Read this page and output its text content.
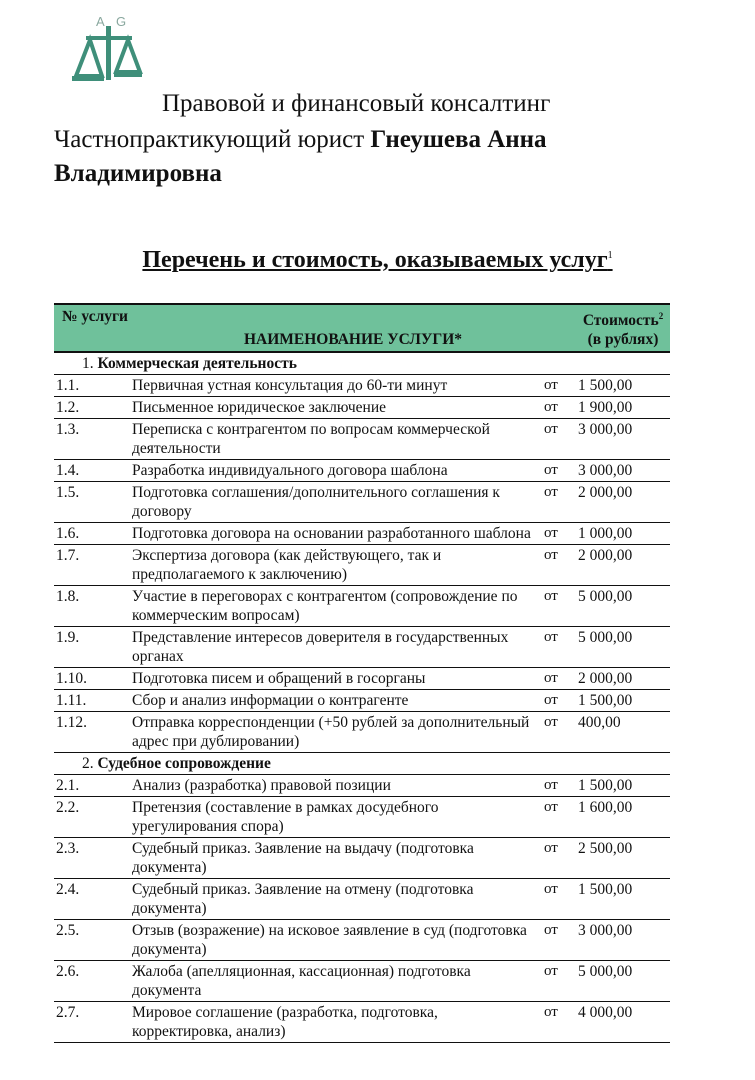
A G
Правовой и финансовый консалтинг
Частнопрактикующий юрист Гнеушева Анна Владимировна
Перечень и стоимость, оказываемых услуг$^1$
№ услуги	НАИМЕНОВАНИЕ УСЛУГИ*		Стоимость$^2$ (в рублях)
1. Коммерческая деятельность			
1.1.	Первичная устная консультация до 60-ти минут	от	1 500,00
1.2.	Письменное юридическое заключение	от	1 900,00
1.3.	Переписка с контрагентом по вопросам коммерческой деятельности	от	3 000,00
1.4.	Разработка индивидуального договора шаблона	от	3 000,00
1.5.	Подготовка соглашения/дополнительного соглашения к договору	от	2 000,00
1.6.	Подготовка договора на основании разработанного шаблона	от	1 000,00
1.7.	Экспертиза договора (как действующего, так и предполагаемого к заключению)	от	2 000,00
1.8.	Участие в переговорах с контрагентом (сопровождение по коммерческим вопросам)	от	5 000,00
1.9.	Представление интересов доверителя в государственных органах	от	5 000,00
1.10.	Подготовка писем и обращений в госорганы	от	2 000,00
1.11.	Сбор и анализ информации о контрагенте	от	1 500,00
1.12.	Отправка корреспонденции (+50 рублей за дополнительный адрес при дублировании)	от	400,00
2. Судебное сопровождение			
2.1.	Анализ (разработка) правовой позиции	от	1 500,00
2.2.	Претензия (составление в рамках досудебного урегулирования спора)	от	1 600,00
2.3.	Судебный приказ. Заявление на выдачу (подготовка документа)	от	2 500,00
2.4.	Судебный приказ. Заявление на отмену (подготовка документа)	от	1 500,00
2.5.	Отзыв (возражение) на исковое заявление в суд (подготовка документа)	от	3 000,00
2.6.	Жалоба (апелляционная, кассационная) подготовка документа	от	5 000,00
2.7.	Мировое соглашение (разработка, подготовка, корректировка, анализ)	от	4 000,00
